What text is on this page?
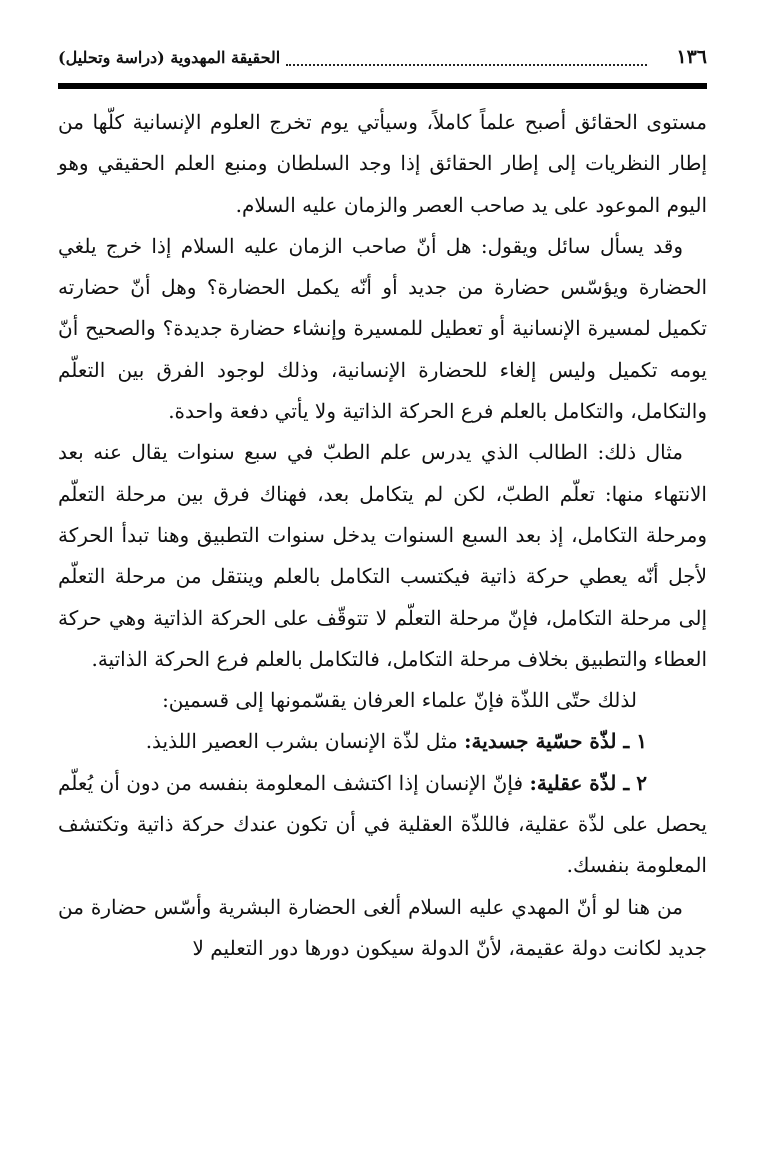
١٣٦
الحقيقة المهدوية (دراسة وتحليل)

مستوى الحقائق أصبح علماً كاملاً، وسيأتي يوم تخرج العلوم الإنسانية كلّها من إطار النظريات إلى إطار الحقائق إذا وجد السلطان ومنبع العلم الحقيقي وهو اليوم الموعود على يد صاحب العصر والزمان عليه السلام.

وقد يسأل سائل ويقول: هل أنّ صاحب الزمان عليه السلام إذا خرج يلغي الحضارة ويؤسّس حضارة من جديد أو أنّه يكمل الحضارة؟ وهل أنّ حضارته تكميل لمسيرة الإنسانية أو تعطيل للمسيرة وإنشاء حضارة جديدة؟ والصحيح أنّ يومه تكميل وليس إلغاء للحضارة الإنسانية، وذلك لوجود الفرق بين التعلّم والتكامل، والتكامل بالعلم فرع الحركة الذاتية ولا يأتي دفعة واحدة.

مثال ذلك: الطالب الذي يدرس علم الطبّ في سبع سنوات يقال عنه بعد الانتهاء منها: تعلّم الطبّ، لكن لم يتكامل بعد، فهناك فرق بين مرحلة التعلّم ومرحلة التكامل، إذ بعد السبع السنوات يدخل سنوات التطبيق وهنا تبدأ الحركة لأجل أنّه يعطي حركة ذاتية فيكتسب التكامل بالعلم وينتقل من مرحلة التعلّم إلى مرحلة التكامل، فإنّ مرحلة التعلّم لا تتوقّف على الحركة الذاتية وهي حركة العطاء والتطبيق بخلاف مرحلة التكامل، فالتكامل بالعلم فرع الحركة الذاتية.

لذلك حتّى اللذّة فإنّ علماء العرفان يقسّمونها إلى قسمين:

١ ـ لذّة حسّية جسدية: مثل لذّة الإنسان بشرب العصير اللذيذ.

٢ ـ لذّة عقلية: فإنّ الإنسان إذا اكتشف المعلومة بنفسه من دون أن يُعلّم يحصل على لذّة عقلية، فاللذّة العقلية في أن تكون عندك حركة ذاتية وتكتشف المعلومة بنفسك.

من هنا لو أنّ المهدي عليه السلام ألغى الحضارة البشرية وأسّس حضارة من جديد لكانت دولة عقيمة، لأنّ الدولة سيكون دورها دور التعليم لا
